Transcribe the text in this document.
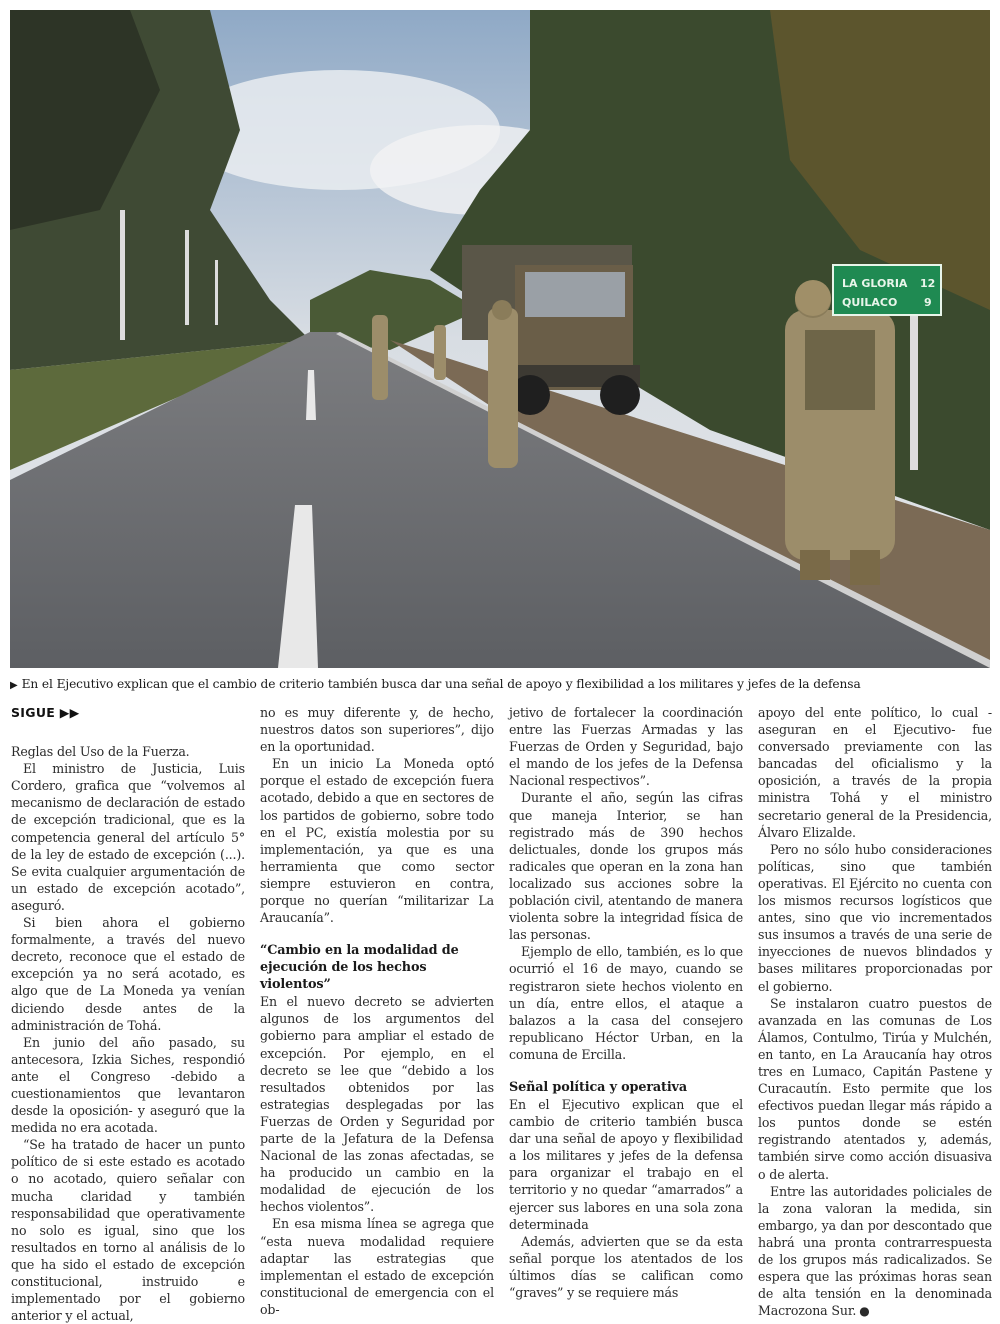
LA GLORIA 12
QUILACO 9
▶ En el Ejecutivo explican que el cambio de criterio también busca dar una señal de apoyo y flexibilidad a los militares y jefes de la defensa
SIGUE ▶▶

Reglas del Uso de la Fuerza.

El ministro de Justicia, Luis Cordero, grafica que “volvemos al mecanismo de declaración de estado de excepción tradicional, que es la competencia general del artículo 5° de la ley de estado de excepción (...). Se evita cualquier argumentación de un estado de excepción acotado”, aseguró.

Si bien ahora el gobierno formalmente, a través del nuevo decreto, reconoce que el estado de excepción ya no será acotado, es algo que de La Moneda ya venían diciendo desde antes de la administración de Tohá.

En junio del año pasado, su antecesora, Izkia Siches, respondió ante el Congreso -debido a cuestionamientos que levantaron desde la oposición- y aseguró que la medida no era acotada.

“Se ha tratado de hacer un punto político de si este estado es acotado o no acotado, quiero señalar con mucha claridad y también responsabilidad que operativamente no solo es igual, sino que los resultados en torno al análisis de lo que ha sido el estado de excepción constitucional, instruido e implementado por el gobierno anterior y el actual,

no es muy diferente y, de hecho, nuestros datos son superiores”, dijo en la oportunidad.

En un inicio La Moneda optó porque el estado de excepción fuera acotado, debido a que en sectores de los partidos de gobierno, sobre todo en el PC, existía molestia por su implementación, ya que es una herramienta que como sector siempre estuvieron en contra, porque no querían “militarizar La Araucanía”.

“Cambio en la modalidad de ejecución de los hechos violentos”

En el nuevo decreto se advierten algunos de los argumentos del gobierno para ampliar el estado de excepción. Por ejemplo, en el decreto se lee que “debido a los resultados obtenidos por las estrategias desplegadas por las Fuerzas de Orden y Seguridad por parte de la Jefatura de la Defensa Nacional de las zonas afectadas, se ha producido un cambio en la modalidad de ejecución de los hechos violentos”.

En esa misma línea se agrega que “esta nueva modalidad requiere adaptar las estrategias que implementan el estado de excepción constitucional de emergencia con el ob-

jetivo de fortalecer la coordinación entre las Fuerzas Armadas y las Fuerzas de Orden y Seguridad, bajo el mando de los jefes de la Defensa Nacional respectivos”.

Durante el año, según las cifras que maneja Interior, se han registrado más de 390 hechos delictuales, donde los grupos más radicales que operan en la zona han localizado sus acciones sobre la población civil, atentando de manera violenta sobre la integridad física de las personas.

Ejemplo de ello, también, es lo que ocurrió el 16 de mayo, cuando se registraron siete hechos violento en un día, entre ellos, el ataque a balazos a la casa del consejero republicano Héctor Urban, en la comuna de Ercilla.

Señal política y operativa

En el Ejecutivo explican que el cambio de criterio también busca dar una señal de apoyo y flexibilidad a los militares y jefes de la defensa para organizar el trabajo en el territorio y no quedar “amarrados” a ejercer sus labores en una sola zona determinada

Además, advierten que se da esta señal porque los atentados de los últimos días se califican como “graves” y se requiere más

apoyo del ente político, lo cual -aseguran en el Ejecutivo- fue conversado previamente con las bancadas del oficialismo y la oposición, a través de la propia ministra Tohá y el ministro secretario general de la Presidencia, Álvaro Elizalde.

Pero no sólo hubo consideraciones políticas, sino que también operativas. El Ejército no cuenta con los mismos recursos logísticos que antes, sino que vio incrementados sus insumos a través de una serie de inyecciones de nuevos blindados y bases militares proporcionadas por el gobierno.

Se instalaron cuatro puestos de avanzada en las comunas de Los Álamos, Contulmo, Tirúa y Mulchén, en tanto, en La Araucanía hay otros tres en Lumaco, Capitán Pastene y Curacautín. Esto permite que los efectivos puedan llegar más rápido a los puntos donde se estén registrando atentados y, además, también sirve como acción disuasiva o de alerta.

Entre las autoridades policiales de la zona valoran la medida, sin embargo, ya dan por descontado que habrá una pronta contrarrespuesta de los grupos más radicalizados. Se espera que las próximas horas sean de alta tensión en la denominada Macrozona Sur. ●
